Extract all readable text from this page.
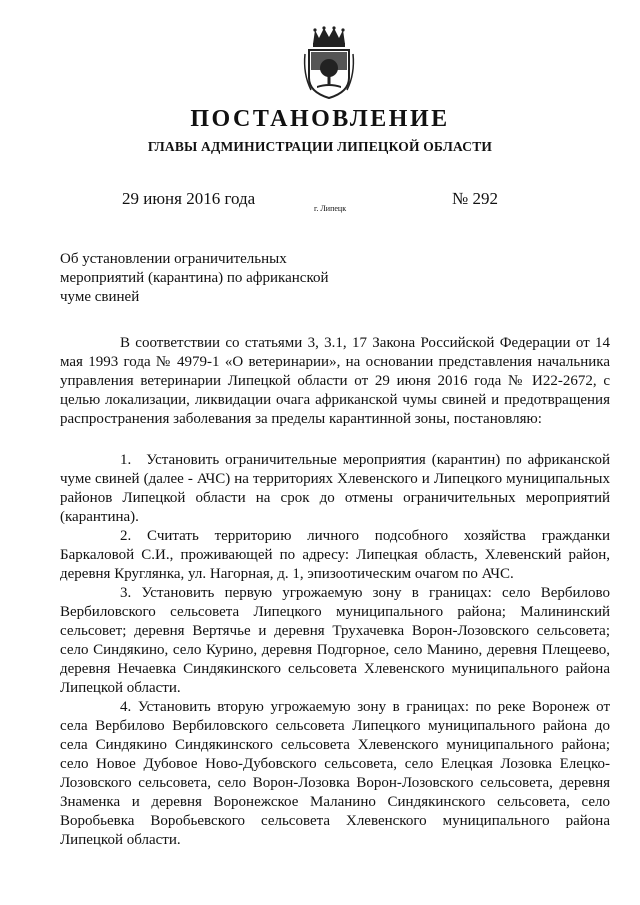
ПОСТАНОВЛЕНИЕ
ГЛАВЫ АДМИНИСТРАЦИИ ЛИПЕЦКОЙ ОБЛАСТИ
29 июня 2016 года
г. Липецк
№ 292
Об установлении ограничительных мероприятий (карантина) по африканской чуме свиней

В соответствии со статьями 3, 3.1, 17 Закона Российской Федерации от 14 мая 1993 года № 4979-1 «О ветеринарии», на основании представления начальника управления ветеринарии Липецкой области от 29 июня 2016 года № И22-2672, с целью локализации, ликвидации очага африканской чумы свиней и предотвращения распространения заболевания за пределы карантинной зоны, постановляю:

1. Установить ограничительные мероприятия (карантин) по африканской чуме свиней (далее - АЧС) на территориях Хлевенского и Липецкого муниципальных районов Липецкой области на срок до отмены ограничительных мероприятий (карантина).

2. Считать территорию личного подсобного хозяйства гражданки Баркаловой С.И., проживающей по адресу: Липецкая область, Хлевенский район, деревня Круглянка, ул. Нагорная, д. 1, эпизоотическим очагом по АЧС.

3. Установить первую угрожаемую зону в границах: село Вербилово Вербиловского сельсовета Липецкого муниципального района; Малининский сельсовет; деревня Вертячье и деревня Трухачевка Ворон-Лозовского сельсовета; село Синдякино, село Курино, деревня Подгорное, село Манино, деревня Плещеево, деревня Нечаевка Синдякинского сельсовета Хлевенского муниципального района Липецкой области.

4. Установить вторую угрожаемую зону в границах: по реке Воронеж от села Вербилово Вербиловского сельсовета Липецкого муниципального района до села Синдякино Синдякинского сельсовета Хлевенского муниципального района; село Новое Дубовое Ново-Дубовского сельсовета, село Елецкая Лозовка Елецко-Лозовского сельсовета, село Ворон-Лозовка Ворон-Лозовского сельсовета, деревня Знаменка и деревня Воронежское Маланино Синдякинского сельсовета, село Воробьевка Воробьевского сельсовета Хлевенского муниципального района Липецкой области.
